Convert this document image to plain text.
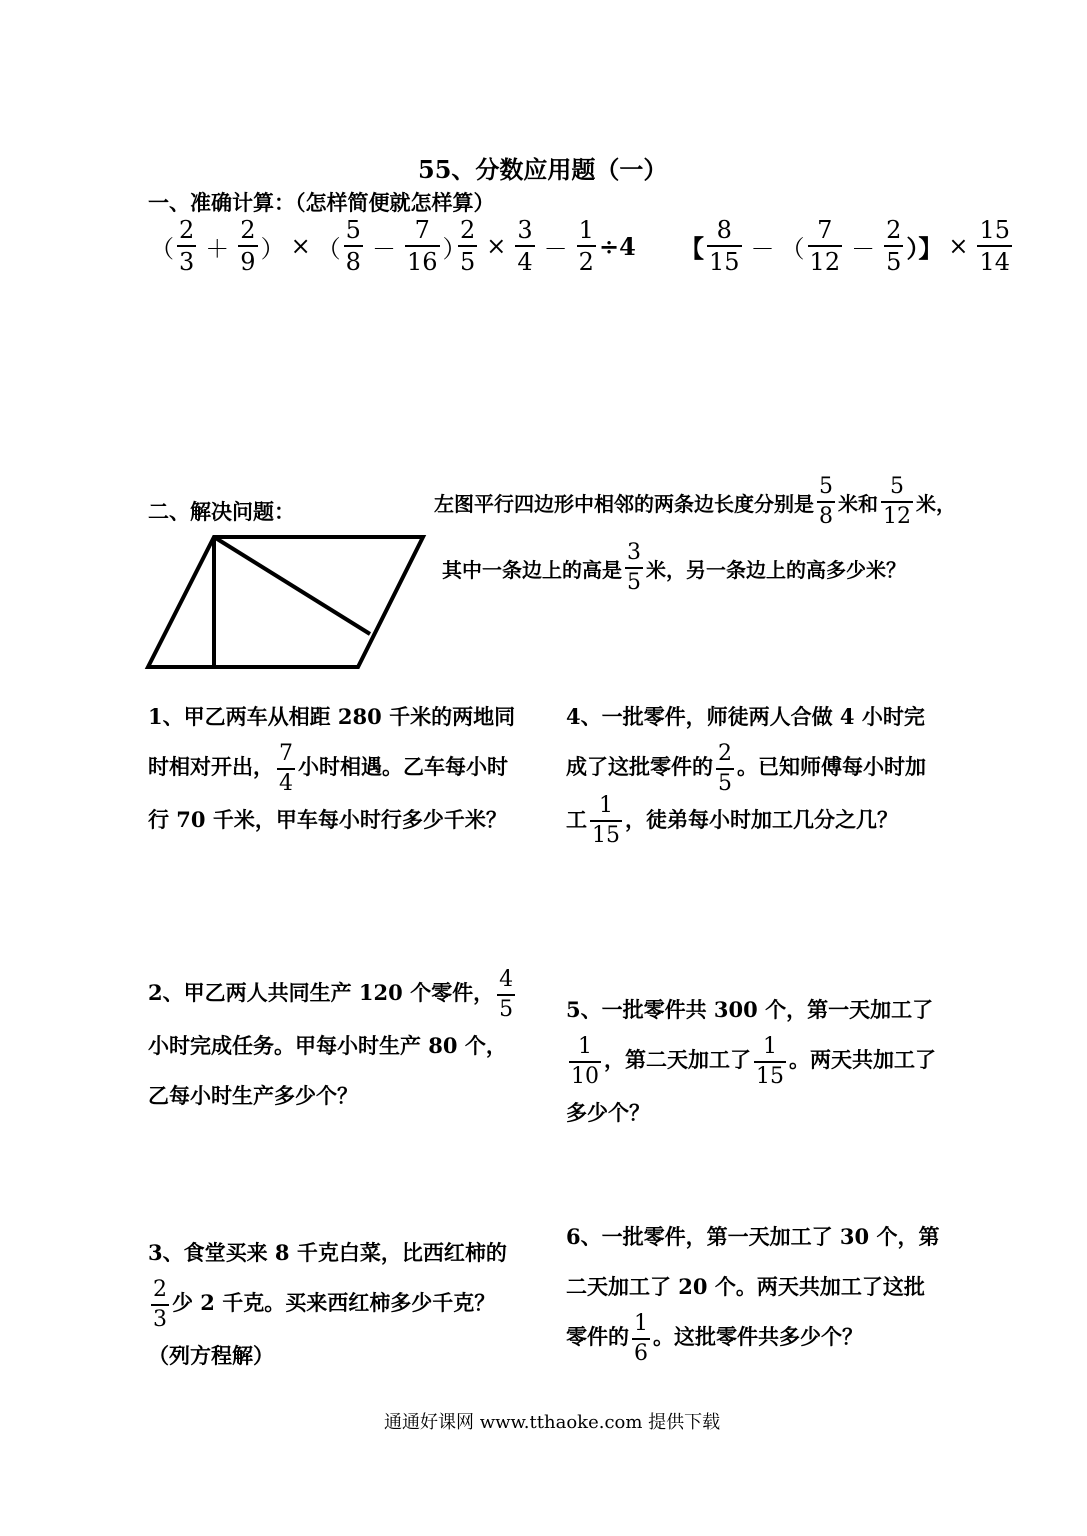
55、分数应用题（一）
一、准确计算：（怎样简便就怎样算）
（ $\frac{2}{3} + \frac{2}{9}$ ） × （ $\frac{5}{8} - \frac{7}{16}$ ）
$\frac{2}{5} \times \frac{3}{4} - \frac{1}{2} \div 4$ 【 $\frac{8}{15}$ － （ $\frac{7}{12} - \frac{2}{5}$ ）】 × $\frac{15}{14}$
二、解决问题：	左图平行四边形中相邻的两条边长度分别是 $\frac{5}{8}$ 米和 $\frac{5}{12}$ 米，
其中一条边上的高是 $\frac{3}{5}$ 米，另一条边上的高多少米？
1、甲乙两车从相距 280 千米的两地同时相对开出， $\frac{7}{4}$ 小时相遇。乙车每小时行 70 千米，甲车每小时行多少千米？
2、甲乙两人共同生产 120 个零件， $\frac{4}{5}$
小时完成任务。甲每小时生产 80 个，乙每小时生产多少个？
3、食堂买来 8 千克白菜，比西红柿的
$\frac{2}{3}$ 少 2 千克。买来西红柿多少千克？（列方程解）
4、一批零件，师徒两人合做 4 小时完成了这批零件的 $\frac{2}{5}$ 。已知师傅每小时加工 $\frac{1}{15}$ ，徒弟每小时加工几分之几？
5、一批零件共 300 个，第一天加工了
$\frac{1}{10}$ ，第二天加工了 $\frac{1}{15}$ 。两天共加工了多少个？
6、一批零件，第一天加工了 30 个，第二天加工了 20 个。两天共加工了这批零件的 $\frac{1}{6}$ 。这批零件共多少个？
通通好课网 www.tthaoke.com 提供下载
